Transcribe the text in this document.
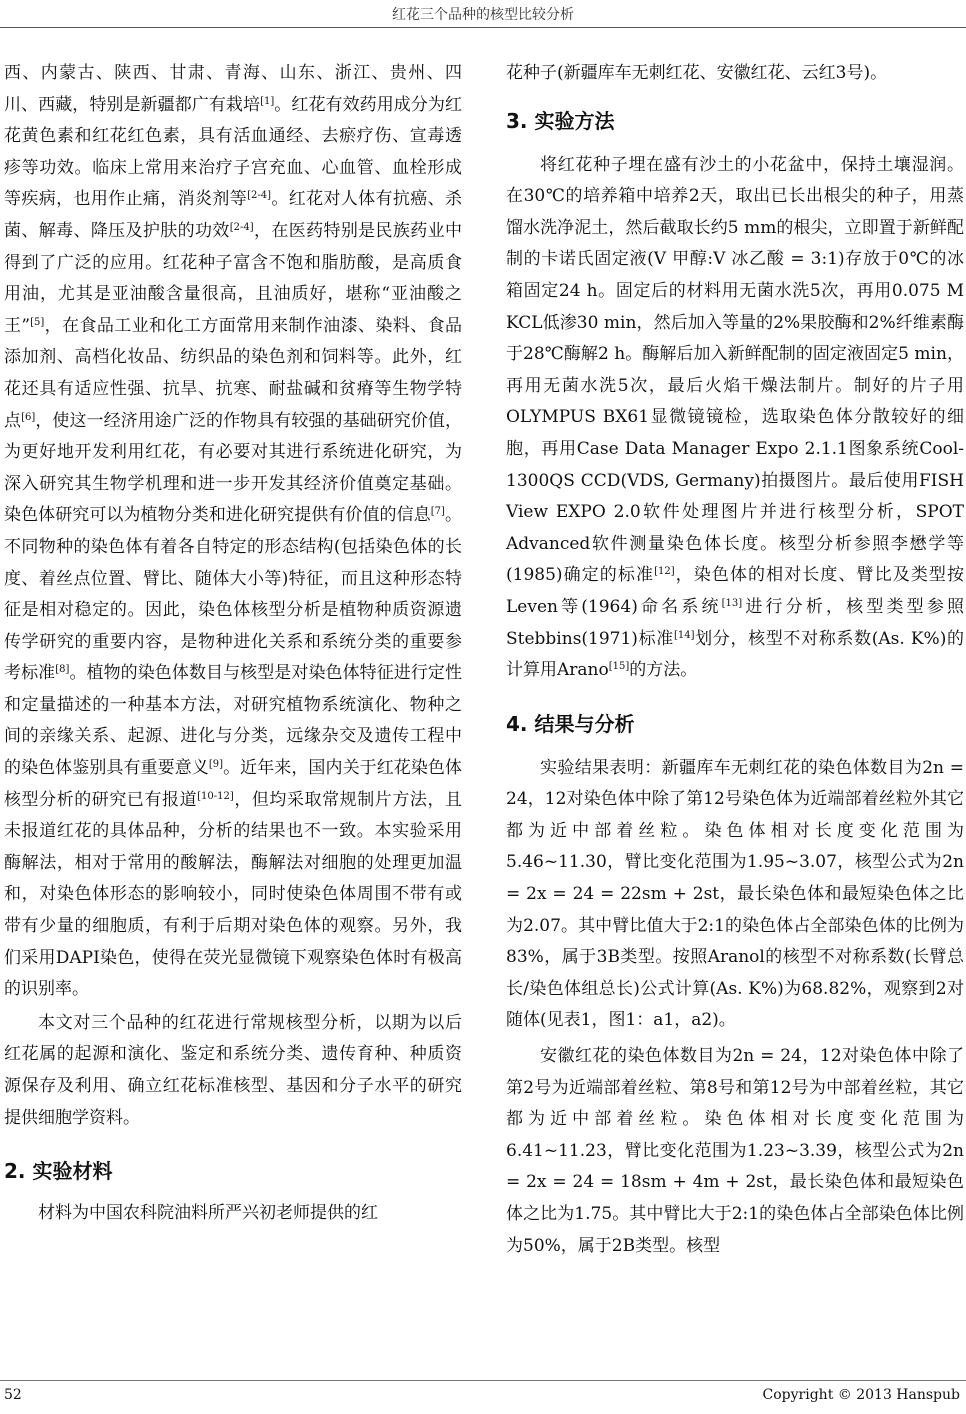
红花三个品种的核型比较分析

西、内蒙古、陕西、甘肃、青海、山东、浙江、贵州、四川、西藏，特别是新疆都广有栽培[1]。红花有效药用成分为红花黄色素和红花红色素，具有活血通经、去瘀疗伤、宣毒透疹等功效。临床上常用来治疗子宫充血、心血管、血栓形成等疾病，也用作止痛，消炎剂等[2-4]。红花对人体有抗癌、杀菌、解毒、降压及护肤的功效[2-4]，在医药特别是民族药业中得到了广泛的应用。红花种子富含不饱和脂肪酸，是高质食用油，尤其是亚油酸含量很高，且油质好，堪称“亚油酸之王”[5]，在食品工业和化工方面常用来制作油漆、染料、食品添加剂、高档化妆品、纺织品的染色剂和饲料等。此外，红花还具有适应性强、抗旱、抗寒、耐盐碱和贫瘠等生物学特点[6]，使这一经济用途广泛的作物具有较强的基础研究价值，为更好地开发利用红花，有必要对其进行系统进化研究，为深入研究其生物学机理和进一步开发其经济价值奠定基础。染色体研究可以为植物分类和进化研究提供有价值的信息[7]。不同物种的染色体有着各自特定的形态结构(包括染色体的长度、着丝点位置、臂比、随体大小等)特征，而且这种形态特征是相对稳定的。因此，染色体核型分析是植物种质资源遗传学研究的重要内容，是物种进化关系和系统分类的重要参考标准[8]。植物的染色体数目与核型是对染色体特征进行定性和定量描述的一种基本方法，对研究植物系统演化、物种之间的亲缘关系、起源、进化与分类，远缘杂交及遗传工程中的染色体鉴别具有重要意义[9]。近年来，国内关于红花染色体核型分析的研究已有报道[10-12]，但均采取常规制片方法，且未报道红花的具体品种，分析的结果也不一致。本实验采用酶解法，相对于常用的酸解法，酶解法对细胞的处理更加温和，对染色体形态的影响较小，同时使染色体周围不带有或带有少量的细胞质，有利于后期对染色体的观察。另外，我们采用DAPI染色，使得在荧光显微镜下观察染色体时有极高的识别率。

本文对三个品种的红花进行常规核型分析，以期为以后红花属的起源和演化、鉴定和系统分类、遗传育种、种质资源保存及利用、确立红花标准核型、基因和分子水平的研究提供细胞学资料。

2. 实验材料

材料为中国农科院油料所严兴初老师提供的红

花种子(新疆库车无刺红花、安徽红花、云红3号)。

3. 实验方法

将红花种子埋在盛有沙土的小花盆中，保持土壤湿润。在30℃的培养箱中培养2天，取出已长出根尖的种子，用蒸馏水洗净泥土，然后截取长约5 mm的根尖，立即置于新鲜配制的卡诺氏固定液(V 甲醇:V 冰乙酸 = 3:1)存放于0℃的冰箱固定24 h。固定后的材料用无菌水洗5次，再用0.075 M KCL低渗30 min，然后加入等量的2%果胶酶和2%纤维素酶于28℃酶解2 h。酶解后加入新鲜配制的固定液固定5 min，再用无菌水洗5次，最后火焰干燥法制片。制好的片子用OLYMPUS BX61显微镜镜检，选取染色体分散较好的细胞，再用Case Data Manager Expo 2.1.1图象系统Cool-1300QS CCD(VDS, Germany)拍摄图片。最后使用FISH View EXPO 2.0软件处理图片并进行核型分析，SPOT Advanced软件测量染色体长度。核型分析参照李懋学等(1985)确定的标准[12]，染色体的相对长度、臂比及类型按Leven等(1964)命名系统[13]进行分析，核型类型参照Stebbins(1971)标准[14]划分，核型不对称系数(As. K%)的计算用Arano[15]的方法。

4. 结果与分析

实验结果表明：新疆库车无刺红花的染色体数目为2n = 24，12对染色体中除了第12号染色体为近端部着丝粒外其它都为近中部着丝粒。染色体相对长度变化范围为5.46~11.30，臂比变化范围为1.95~3.07，核型公式为2n = 2x = 24 = 22sm + 2st，最长染色体和最短染色体之比为2.07。其中臂比值大于2:1的染色体占全部染色体的比例为83%，属于3B类型。按照Aranol的核型不对称系数(长臂总长/染色体组总长)公式计算(As. K%)为68.82%，观察到2对随体(见表1，图1：a1，a2)。

安徽红花的染色体数目为2n = 24，12对染色体中除了第2号为近端部着丝粒、第8号和第12号为中部着丝粒，其它都为近中部着丝粒。染色体相对长度变化范围为6.41~11.23，臂比变化范围为1.23~3.39，核型公式为2n = 2x = 24 = 18sm + 4m + 2st，最长染色体和最短染色体之比为1.75。其中臂比大于2:1的染色体占全部染色体比例为50%，属于2B类型。核型

52	Copyright © 2013 Hanspub
